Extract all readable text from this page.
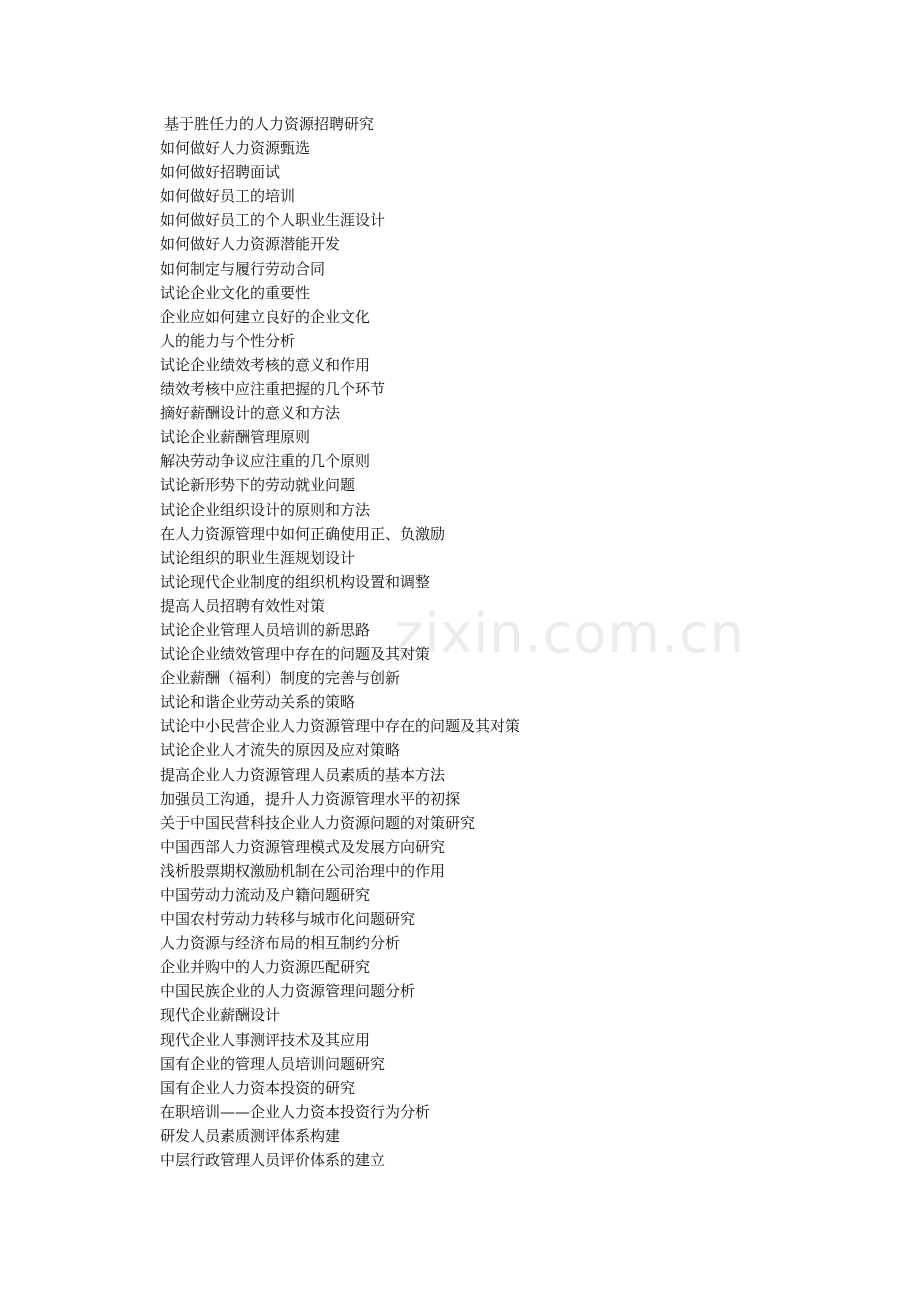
zixin.com.cn
基于胜任力的人力资源招聘研究
如何做好人力资源甄选
如何做好招聘面试
如何做好员工的培训
如何做好员工的个人职业生涯设计
如何做好人力资源潜能开发
如何制定与履行劳动合同
试论企业文化的重要性
企业应如何建立良好的企业文化
人的能力与个性分析
试论企业绩效考核的意义和作用
绩效考核中应注重把握的几个环节
摘好薪酬设计的意义和方法
试论企业薪酬管理原则
解决劳动争议应注重的几个原则
试论新形势下的劳动就业问题
试论企业组织设计的原则和方法
在人力资源管理中如何正确使用正、负激励
试论组织的职业生涯规划设计
试论现代企业制度的组织机构设置和调整
提高人员招聘有效性对策
试论企业管理人员培训的新思路
试论企业绩效管理中存在的问题及其对策
企业薪酬（福利）制度的完善与创新
试论和谐企业劳动关系的策略
试论中小民营企业人力资源管理中存在的问题及其对策
试论企业人才流失的原因及应对策略
提高企业人力资源管理人员素质的基本方法
加强员工沟通，提升人力资源管理水平的初探
关于中国民营科技企业人力资源问题的对策研究
中国西部人力资源管理模式及发展方向研究
浅析股票期权激励机制在公司治理中的作用
中国劳动力流动及户籍问题研究
中国农村劳动力转移与城市化问题研究
人力资源与经济布局的相互制约分析
企业并购中的人力资源匹配研究
中国民族企业的人力资源管理问题分析
现代企业薪酬设计
现代企业人事测评技术及其应用
国有企业的管理人员培训问题研究
国有企业人力资本投资的研究
在职培训——企业人力资本投资行为分析
研发人员素质测评体系构建
中层行政管理人员评价体系的建立
